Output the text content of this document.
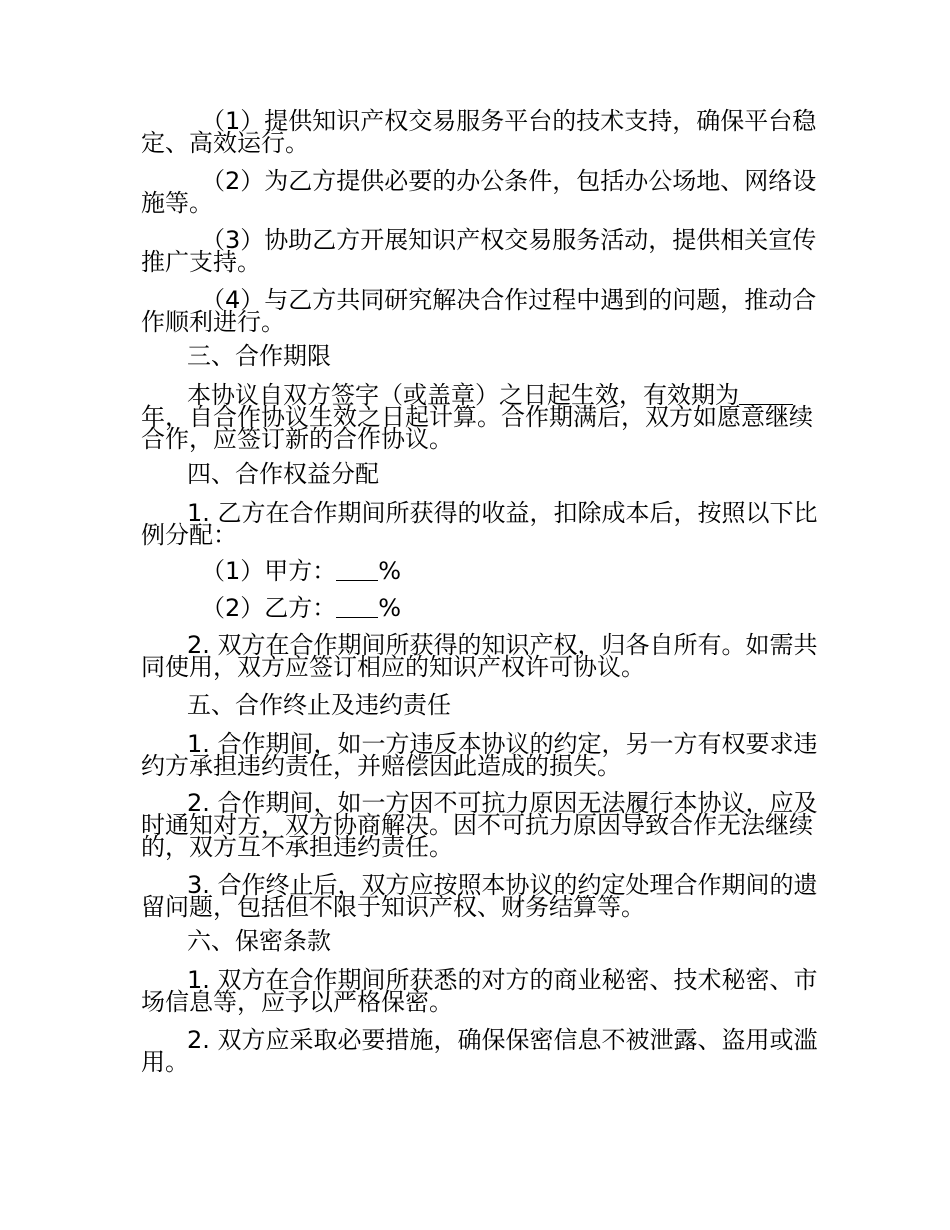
（1）提供知识产权交易服务平台的技术支持，确保平台稳定、高效运行。

（2）为乙方提供必要的办公条件，包括办公场地、网络设施等。

（3）协助乙方开展知识产权交易服务活动，提供相关宣传推广支持。

（4）与乙方共同研究解决合作过程中遇到的问题，推动合作顺利进行。

三、合作期限

本协议自双方签字（或盖章）之日起生效，有效期为年，自合作协议生效之日起计算。合作期满后，双方如愿意继续合作，应签订新的合作协议。

四、合作权益分配

1. 乙方在合作期间所获得的收益，扣除成本后，按照以下比例分配：

（1）甲方： %

（2）乙方： %

2. 双方在合作期间所获得的知识产权，归各自所有。如需共同使用，双方应签订相应的知识产权许可协议。

五、合作终止及违约责任

1. 合作期间，如一方违反本协议的约定，另一方有权要求违约方承担违约责任，并赔偿因此造成的损失。

2. 合作期间，如一方因不可抗力原因无法履行本协议，应及时通知对方，双方协商解决。因不可抗力原因导致合作无法继续的，双方互不承担违约责任。

3. 合作终止后，双方应按照本协议的约定处理合作期间的遗留问题，包括但不限于知识产权、财务结算等。

六、保密条款

1. 双方在合作期间所获悉的对方的商业秘密、技术秘密、市场信息等，应予以严格保密。

2. 双方应采取必要措施，确保保密信息不被泄露、盗用或滥用。
